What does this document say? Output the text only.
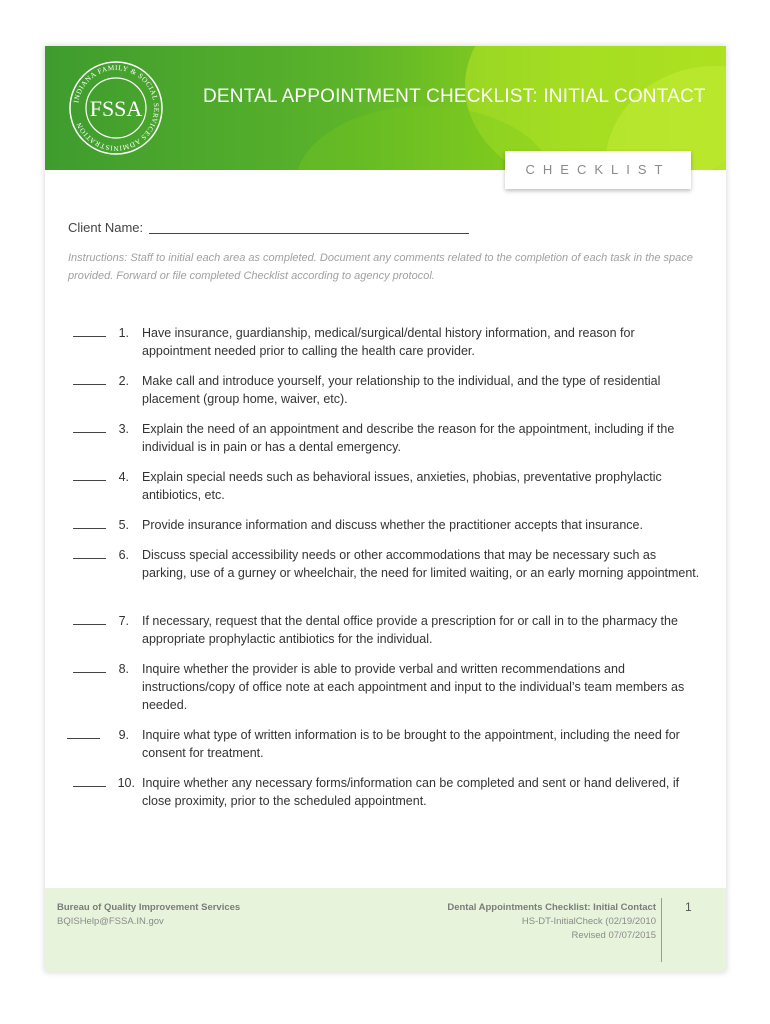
INDIANA FAMILY & SOCIAL SERVICES ADMINISTRATION
FSSA	DENTAL APPOINTMENT CHECKLIST: INITIAL CONTACT
CHECKLIST
Client Name:
Instructions: Staff to initial each area as completed. Document any comments related to the completion of each task in the space provided. Forward or file completed Checklist according to agency protocol.
1. Have insurance, guardianship, medical/surgical/dental history information, and reason for appointment needed prior to calling the health care provider.
2. Make call and introduce yourself, your relationship to the individual, and the type of residential placement (group home, waiver, etc).
3. Explain the need of an appointment and describe the reason for the appointment, including if the individual is in pain or has a dental emergency.
4. Explain special needs such as behavioral issues, anxieties, phobias, preventative prophylactic antibiotics, etc.
5. Provide insurance information and discuss whether the practitioner accepts that insurance.
6. Discuss special accessibility needs or other accommodations that may be necessary such as parking, use of a gurney or wheelchair, the need for limited waiting, or an early morning appointment.
7. If necessary, request that the dental office provide a prescription for or call in to the pharmacy the appropriate prophylactic antibiotics for the individual.
8. Inquire whether the provider is able to provide verbal and written recommendations and instructions/copy of office note at each appointment and input to the individual’s team members as needed.
9. Inquire what type of written information is to be brought to the appointment, including the need for consent for treatment.
10. Inquire whether any necessary forms/information can be completed and sent or hand delivered, if close proximity, prior to the scheduled appointment.
Bureau of Quality Improvement Services
BQISHelp@FSSA.IN.gov
Dental Appointments Checklist: Initial Contact
HS-DT-InitialCheck (02/19/2010
Revised 07/07/2015
1
